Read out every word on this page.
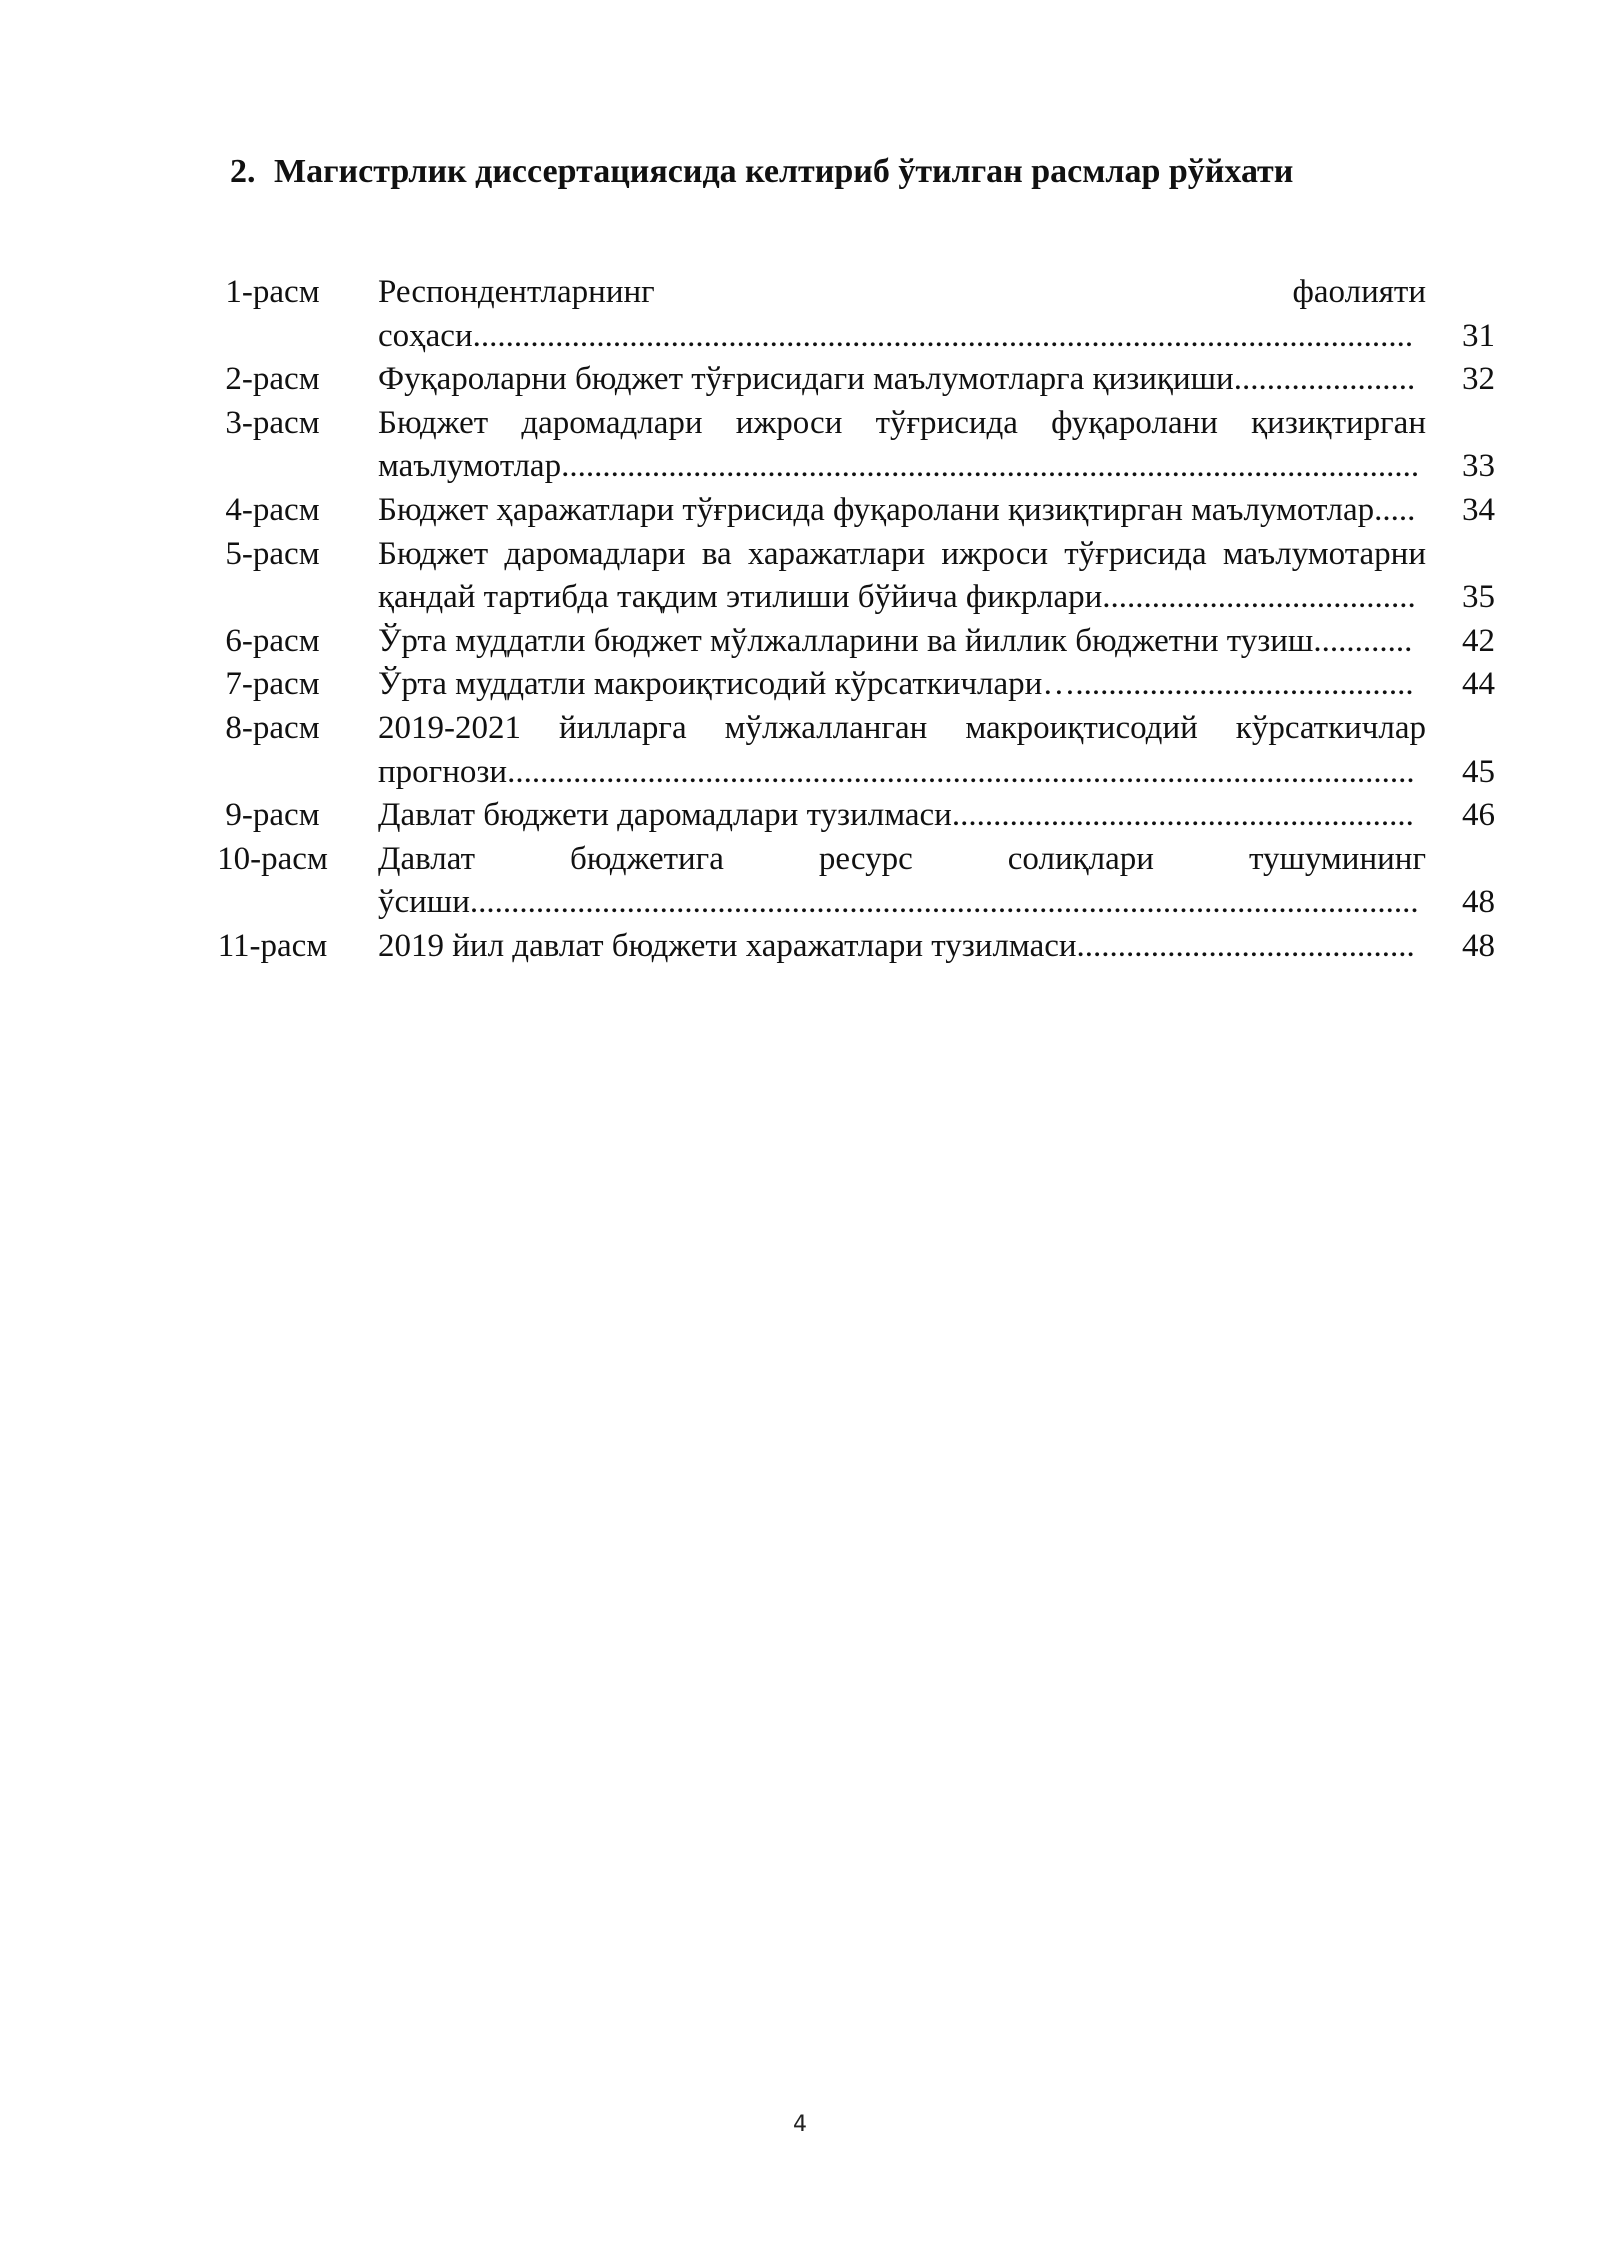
2. Магистрлик диссертациясида келтириб ўтилган расмлар рўйхати
1-расм	Респондентларнинг фаолияти соҳаси..................................................................................................................	31
2-расм	Фуқароларни бюджет тўғрисидаги маълумотларга қизиқиши......................	32
3-расм	Бюджет даромадлари ижроси тўғрисида фуқаролани қизиқтирган маълумотлар........................................................................................................	33
4-расм	Бюджет ҳаражатлари тўғрисида фуқаролани қизиқтирган маълумотлар.....	34
5-расм	Бюджет даромадлари ва харажатлари ижроси тўғрисида маълумотарни қандай тартибда тақдим этилиши бўйича фикрлари......................................	35
6-расм	Ўрта муддатли бюджет мўлжалларини ва йиллик бюджетни тузиш............	42
7-расм	Ўрта муддатли макроиқтисодий кўрсаткичлари….........................................	44
8-расм	2019-2021 йилларга мўлжалланган макроиқтисодий кўрсаткичлар прогнози..............................................................................................................	45
9-расм	Давлат бюджети даромадлари тузилмаси........................................................	46
10-расм	Давлат бюджетига ресурс солиқлари тушумининг ўсиши...................................................................................................................	48
11-расм	2019 йил давлат бюджети харажатлари тузилмаси.........................................	48
4
